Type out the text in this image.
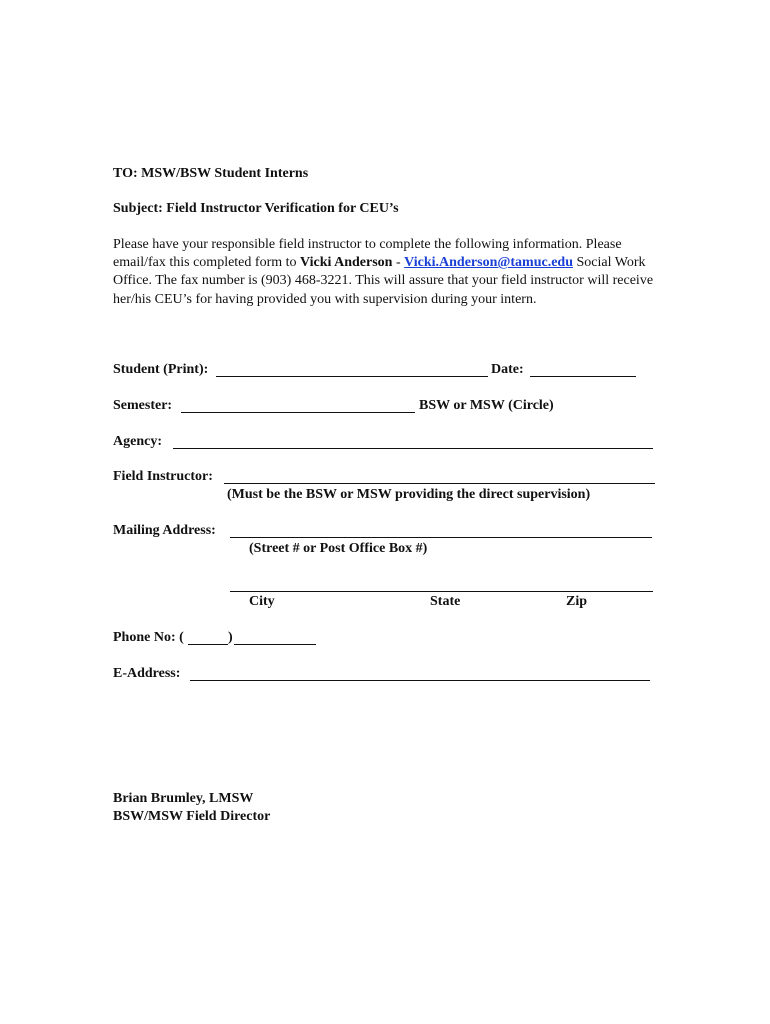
TO: MSW/BSW Student Interns
Subject: Field Instructor Verification for CEU’s
Please have your responsible field instructor to complete the following information. Please email/fax this completed form to Vicki Anderson - Vicki.Anderson@tamuc.edu Social Work Office. The fax number is (903) 468-3221. This will assure that your field instructor will receive her/his CEU’s for having provided you with supervision during your intern.
Student (Print):	Date:
Semester:	BSW or MSW (Circle)
Agency:
Field Instructor:
(Must be the BSW or MSW providing the direct supervision)
Mailing Address:
(Street # or Post Office Box #)
City	State	Zip
Phone No: (	)
E-Address:
Brian Brumley, LMSW
BSW/MSW Field Director
